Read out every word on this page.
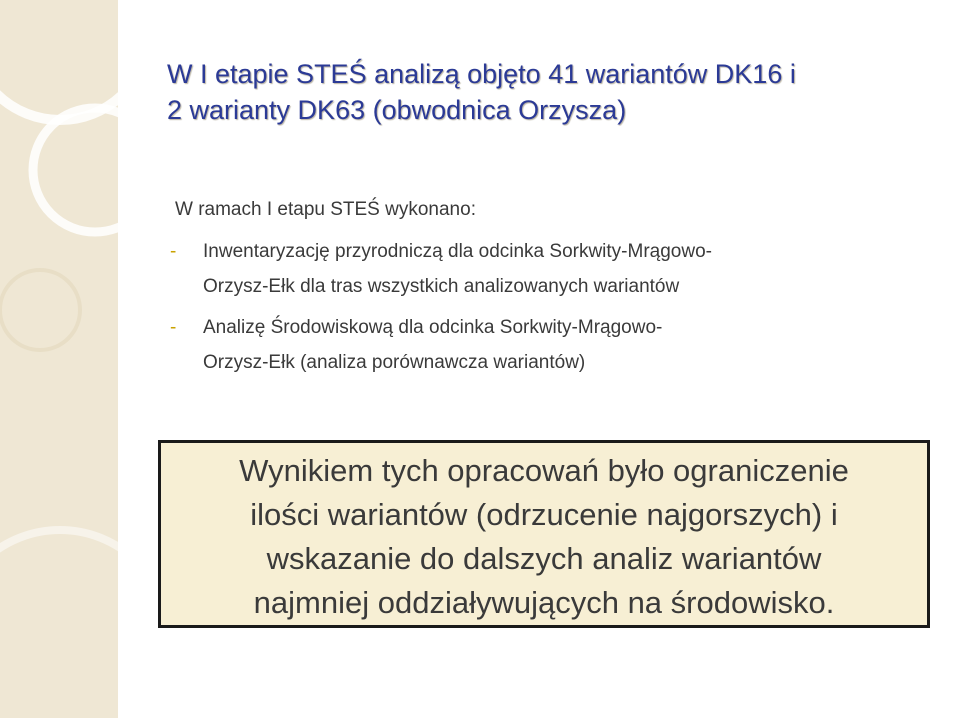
W I etapie STEŚ analizą objęto 41 wariantów DK16 i
2 warianty DK63 (obwodnica Orzysza)
W ramach I etapu STEŚ wykonano:
-	Inwentaryzację przyrodniczą dla odcinka Sorkwity-Mrągowo-
Orzysz-Ełk dla tras wszystkich analizowanych wariantów
-	Analizę Środowiskową dla odcinka Sorkwity-Mrągowo-
Orzysz-Ełk (analiza porównawcza wariantów)
Wynikiem tych opracowań było ograniczenie
ilości wariantów (odrzucenie najgorszych) i
wskazanie do dalszych analiz wariantów
najmniej oddziaływujących na środowisko.
